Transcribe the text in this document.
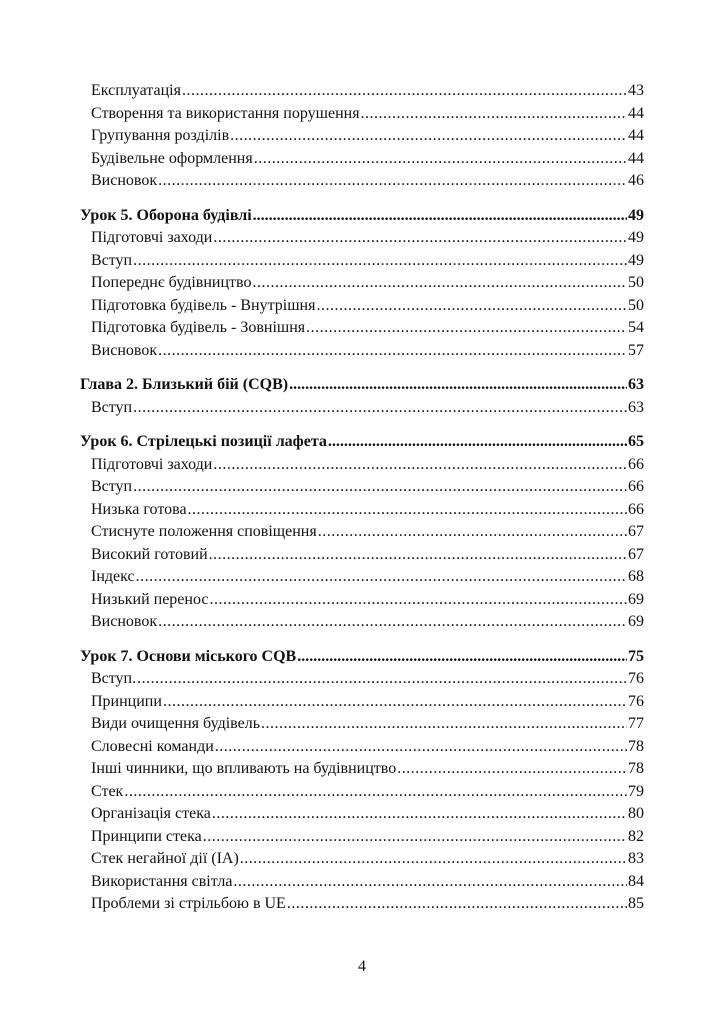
Експлуатація .....	43
Створення та використання порушення .....	44
Групування розділів .....	44
Будівельне оформлення .....	44
Висновок .....	46
Урок 5. Оборона будівлі .....	49
Підготовчі заходи .....	49
Вступ .....	49
Попереднє будівництво .....	50
Підготовка будівель - Внутрішня .....	50
Підготовка будівель - Зовнішня .....	54
Висновок .....	57
Глава 2. Близький бій (CQB) .....	63
Вступ .....	63
Урок 6. Стрілецькі позиції лафета .....	65
Підготовчі заходи .....	66
Вступ .....	66
Низька готова .....	66
Стиснуте положення сповіщення .....	67
Високий готовий .....	67
Індекс .....	68
Низький перенос .....	69
Висновок .....	69
Урок 7. Основи міського CQB .....	75
Вступ. .....	76
Принципи .....	76
Види очищення будівель .....	77
Словесні команди .....	78
Інші чинники, що впливають на будівництво .....	78
Стек .....	79
Організація стека .....	80
Принципи стека .....	82
Стек негайної дії (IA) .....	83
Використання світла .....	84
Проблеми зі стрільбою в UE .....	85
4
